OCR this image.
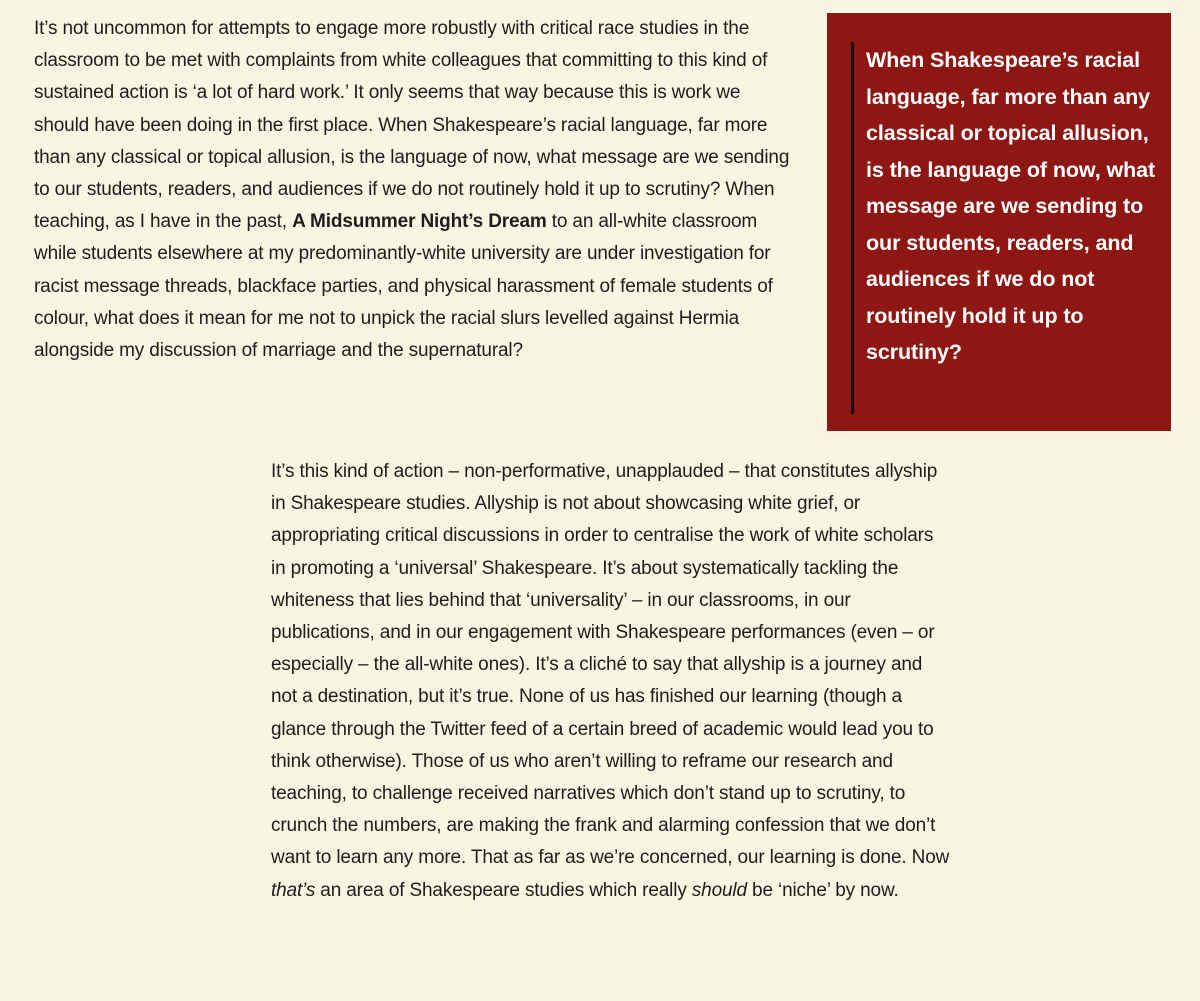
It’s not uncommon for attempts to engage more robustly with critical race studies in the classroom to be met with complaints from white colleagues that committing to this kind of sustained action is ‘a lot of hard work.’ It only seems that way because this is work we should have been doing in the first place. When Shakespeare’s racial language, far more than any classical or topical allusion, is the language of now, what message are we sending to our students, readers, and audiences if we do not routinely hold it up to scrutiny? When teaching, as I have in the past, A Midsummer Night’s Dream to an all-white classroom while students elsewhere at my predominantly-white university are under investigation for racist message threads, blackface parties, and physical harassment of female students of colour, what does it mean for me not to unpick the racial slurs levelled against Hermia alongside my discussion of marriage and the supernatural?

When Shakespeare’s racial language, far more than any classical or topical allusion, is the language of now, what message are we sending to our students, readers, and audiences if we do not routinely hold it up to scrutiny?

It’s this kind of action – non-performative, unapplauded – that constitutes allyship in Shakespeare studies. Allyship is not about showcasing white grief, or appropriating critical discussions in order to centralise the work of white scholars in promoting a ‘universal’ Shakespeare. It’s about systematically tackling the whiteness that lies behind that ‘universality’ – in our classrooms, in our publications, and in our engagement with Shakespeare performances (even – or especially – the all-white ones). It’s a cliché to say that allyship is a journey and not a destination, but it’s true. None of us has finished our learning (though a glance through the Twitter feed of a certain breed of academic would lead you to think otherwise). Those of us who aren’t willing to reframe our research and teaching, to challenge received narratives which don’t stand up to scrutiny, to crunch the numbers, are making the frank and alarming confession that we don’t want to learn any more. That as far as we’re concerned, our learning is done. Now that’s an area of Shakespeare studies which really should be ‘niche’ by now.
